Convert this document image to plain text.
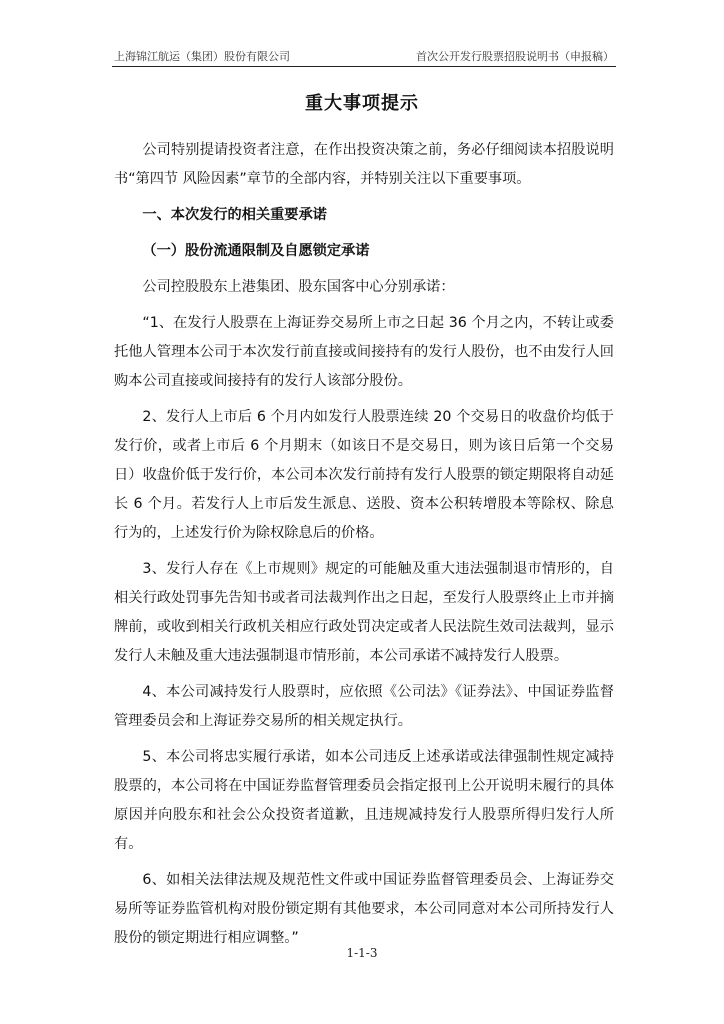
上海锦江航运（集团）股份有限公司	首次公开发行股票招股说明书（申报稿）
重大事项提示

公司特别提请投资者注意，在作出投资决策之前，务必仔细阅读本招股说明书“第四节 风险因素”章节的全部内容，并特别关注以下重要事项。

一、本次发行的相关重要承诺

（一）股份流通限制及自愿锁定承诺

公司控股股东上港集团、股东国客中心分别承诺：

“1、在发行人股票在上海证券交易所上市之日起 36 个月之内，不转让或委托他人管理本公司于本次发行前直接或间接持有的发行人股份，也不由发行人回购本公司直接或间接持有的发行人该部分股份。

2、发行人上市后 6 个月内如发行人股票连续 20 个交易日的收盘价均低于发行价，或者上市后 6 个月期末（如该日不是交易日，则为该日后第一个交易日）收盘价低于发行价，本公司本次发行前持有发行人股票的锁定期限将自动延长 6 个月。若发行人上市后发生派息、送股、资本公积转增股本等除权、除息行为的，上述发行价为除权除息后的价格。

3、发行人存在《上市规则》规定的可能触及重大违法强制退市情形的，自相关行政处罚事先告知书或者司法裁判作出之日起，至发行人股票终止上市并摘牌前，或收到相关行政机关相应行政处罚决定或者人民法院生效司法裁判，显示发行人未触及重大违法强制退市情形前，本公司承诺不减持发行人股票。

4、本公司减持发行人股票时，应依照《公司法》《证券法》、中国证券监督管理委员会和上海证券交易所的相关规定执行。

5、本公司将忠实履行承诺，如本公司违反上述承诺或法律强制性规定减持股票的，本公司将在中国证券监督管理委员会指定报刊上公开说明未履行的具体原因并向股东和社会公众投资者道歉，且违规减持发行人股票所得归发行人所有。

6、如相关法律法规及规范性文件或中国证券监督管理委员会、上海证券交易所等证券监管机构对股份锁定期有其他要求，本公司同意对本公司所持发行人股份的锁定期进行相应调整。”

1-1-3
